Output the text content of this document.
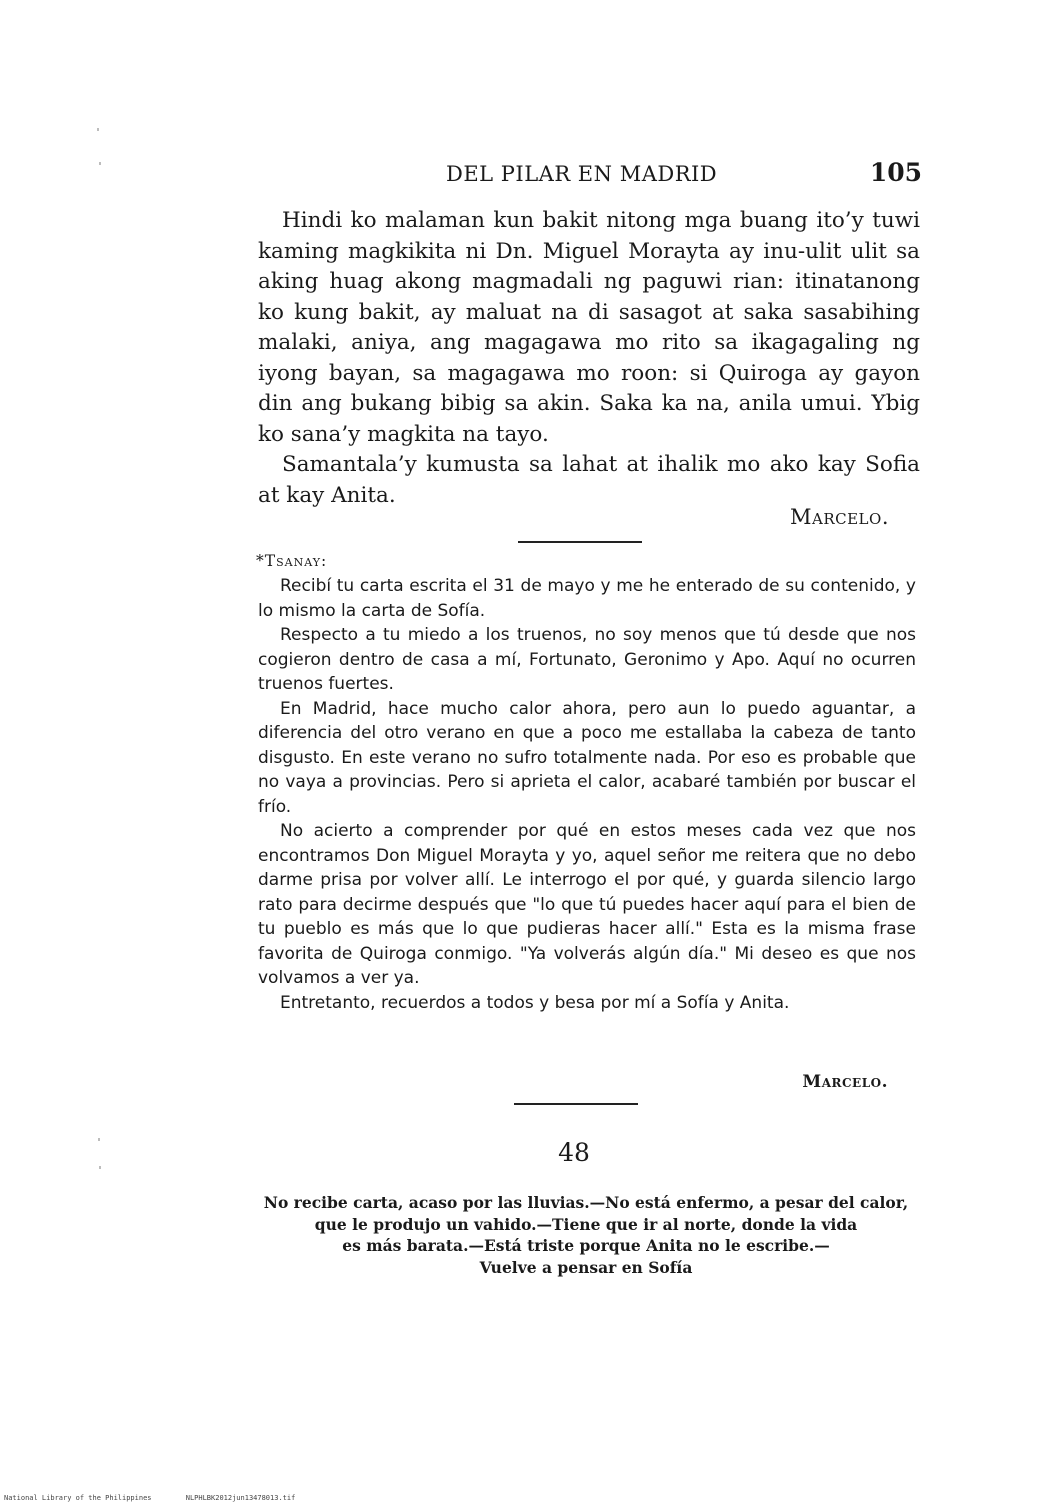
DEL PILAR EN MADRID	105

Hindi ko malaman kun bakit nitong mga buang ito’y tuwi kaming magkikita ni Dn. Miguel Morayta ay inu-ulit ulit sa aking huag akong magmadali ng paguwi rian: itinatanong ko kung bakit, ay maluat na di sasagot at saka sasabihing malaki, aniya, ang magagawa mo rito sa ikagagaling ng iyong bayan, sa magagawa mo roon: si Quiroga ay gayon din ang bukang bibig sa akin. Saka ka na, anila umui. Ybig ko sana’y magkita na tayo.

Samantala’y kumusta sa lahat at ihalik mo ako kay Sofia at kay Anita.

Marcelo.
*Tsanay:

Recibí tu carta escrita el 31 de mayo y me he enterado de su contenido, y lo mismo la carta de Sofía.

Respecto a tu miedo a los truenos, no soy menos que tú desde que nos cogieron dentro de casa a mí, Fortunato, Geronimo y Apo. Aquí no ocurren truenos fuertes.

En Madrid, hace mucho calor ahora, pero aun lo puedo aguantar, a diferencia del otro verano en que a poco me estallaba la cabeza de tanto disgusto. En este verano no sufro totalmente nada. Por eso es probable que no vaya a provincias. Pero si aprieta el calor, acabaré también por buscar el frío.

No acierto a comprender por qué en estos meses cada vez que nos encontramos Don Miguel Morayta y yo, aquel señor me reitera que no debo darme prisa por volver allí. Le interrogo el por qué, y guarda silencio largo rato para decirme después que "lo que tú puedes hacer aquí para el bien de tu pueblo es más que lo que pudieras hacer allí." Esta es la misma frase favorita de Quiroga conmigo. "Ya volverás algún día." Mi deseo es que nos volvamos a ver ya.

Entretanto, recuerdos a todos y besa por mí a Sofía y Anita.

Marcelo.
48
No recibe carta, acaso por las lluvias.—No está enfermo, a pesar del calor,
que le produjo un vahido.—Tiene que ir al norte, donde la vida
es más barata.—Está triste porque Anita no le escribe.—
Vuelve a pensar en Sofía
National Library of the Philippines	NLPHLBK2012jun13478013.tif
